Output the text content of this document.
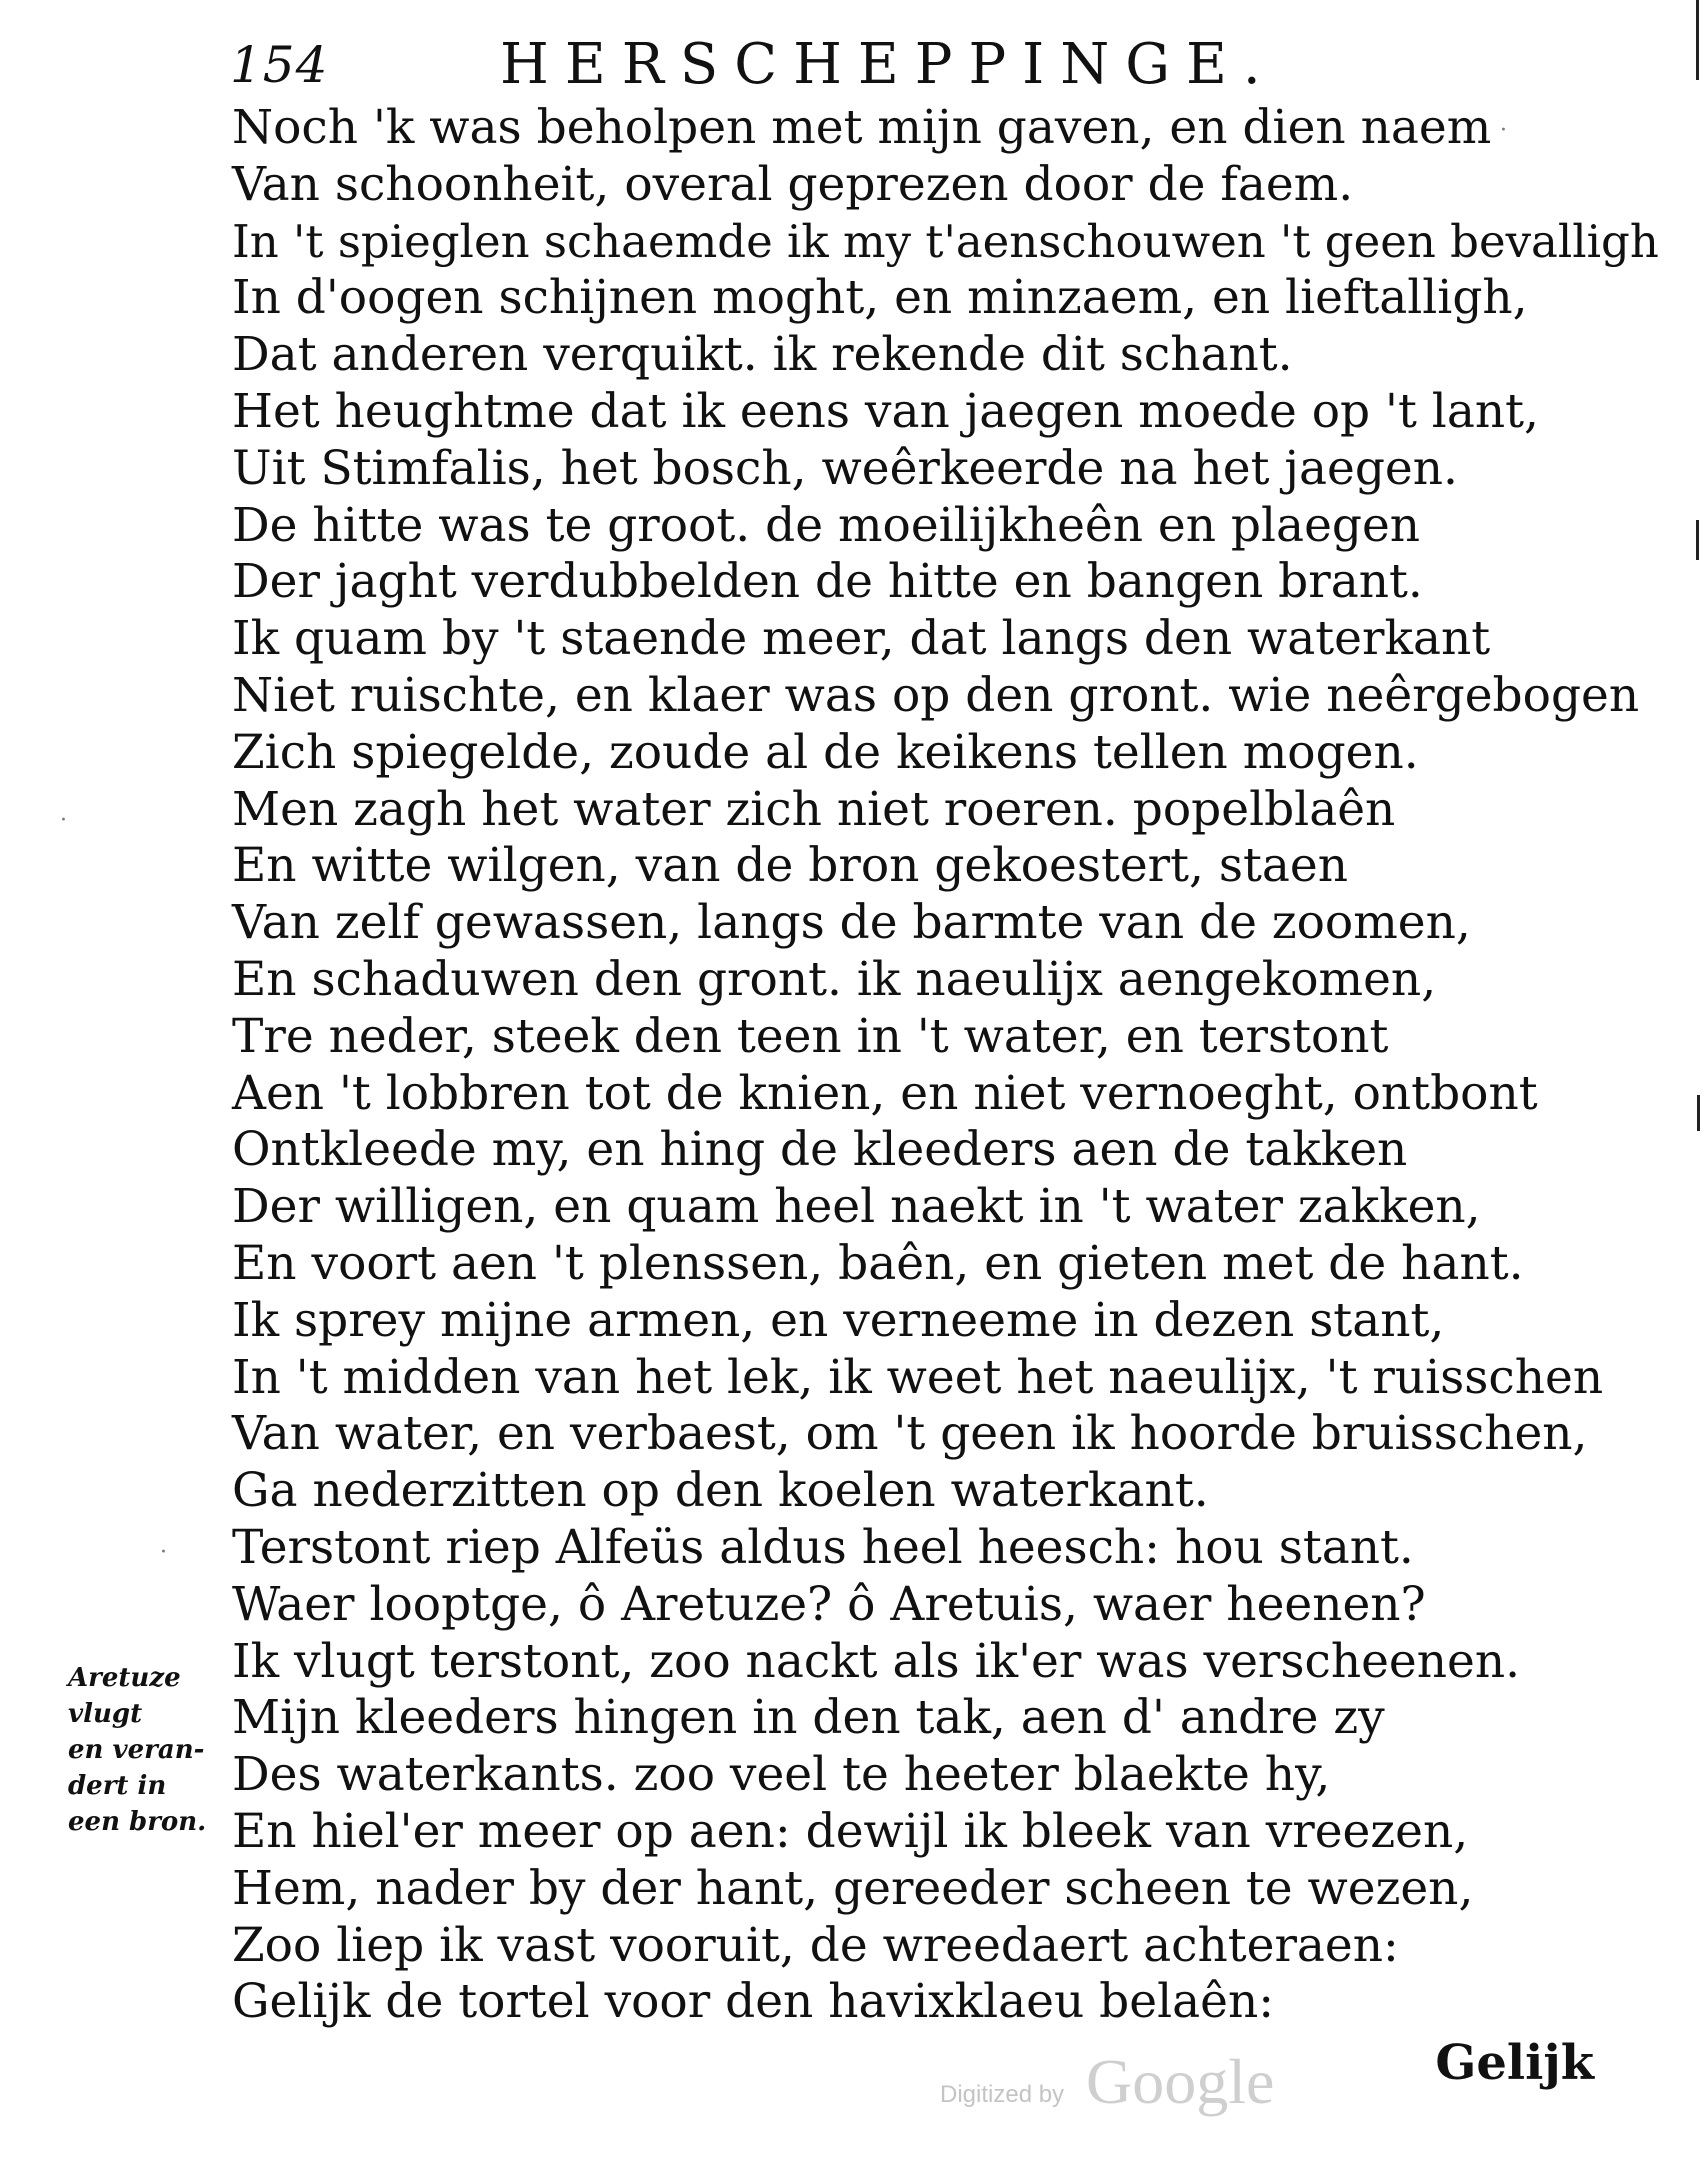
154	HERSCHEPPINGE.
Noch 'k was beholpen met mijn gaven, en dien naem
Van schoonheit, overal geprezen door de faem.
In 't spieglen schaemde ik my t'aenschouwen 't geen bevalligh
In d'oogen schijnen moght, en minzaem, en lieftalligh,
Dat anderen verquikt. ik rekende dit schant.
Het heughtme dat ik eens van jaegen moede op 't lant,
Uit Stimfalis, het bosch, weêrkeerde na het jaegen.
De hitte was te groot. de moeilijkheên en plaegen
Der jaght verdubbelden de hitte en bangen brant.
Ik quam by 't staende meer, dat langs den waterkant
Niet ruischte, en klaer was op den gront. wie neêrgebogen
Zich spiegelde, zoude al de keikens tellen mogen.
Men zagh het water zich niet roeren. popelblaên
En witte wilgen, van de bron gekoestert, staen
Van zelf gewassen, langs de barmte van de zoomen,
En schaduwen den gront. ik naeulijx aengekomen,
Tre neder, steek den teen in 't water, en terstont
Aen 't lobbren tot de knien, en niet vernoeght, ontbont
Ontkleede my, en hing de kleeders aen de takken
Der willigen, en quam heel naekt in 't water zakken,
En voort aen 't plenssen, baên, en gieten met de hant.
Ik sprey mijne armen, en verneeme in dezen stant,
In 't midden van het lek, ik weet het naeulijx, 't ruisschen
Van water, en verbaest, om 't geen ik hoorde bruisschen,
Ga nederzitten op den koelen waterkant.
Terstont riep Alfeüs aldus heel heesch: hou stant.
Waer looptge, ô Aretuze? ô Aretuis, waer heenen?
Ik vlugt terstont, zoo nackt als ik'er was verscheenen.
Mijn kleeders hingen in den tak, aen d' andre zy
Des waterkants. zoo veel te heeter blaekte hy,
En hiel'er meer op aen: dewijl ik bleek van vreezen,
Hem, nader by der hant, gereeder scheen te wezen,
Zoo liep ik vast vooruit, de wreedaert achteraen:
Gelijk de tortel voor den havixklaeu belaên:
Aretuze
vlugt
en veran-
dert in
een bron.
Digitized by Google	Gelijk
·
·
·
